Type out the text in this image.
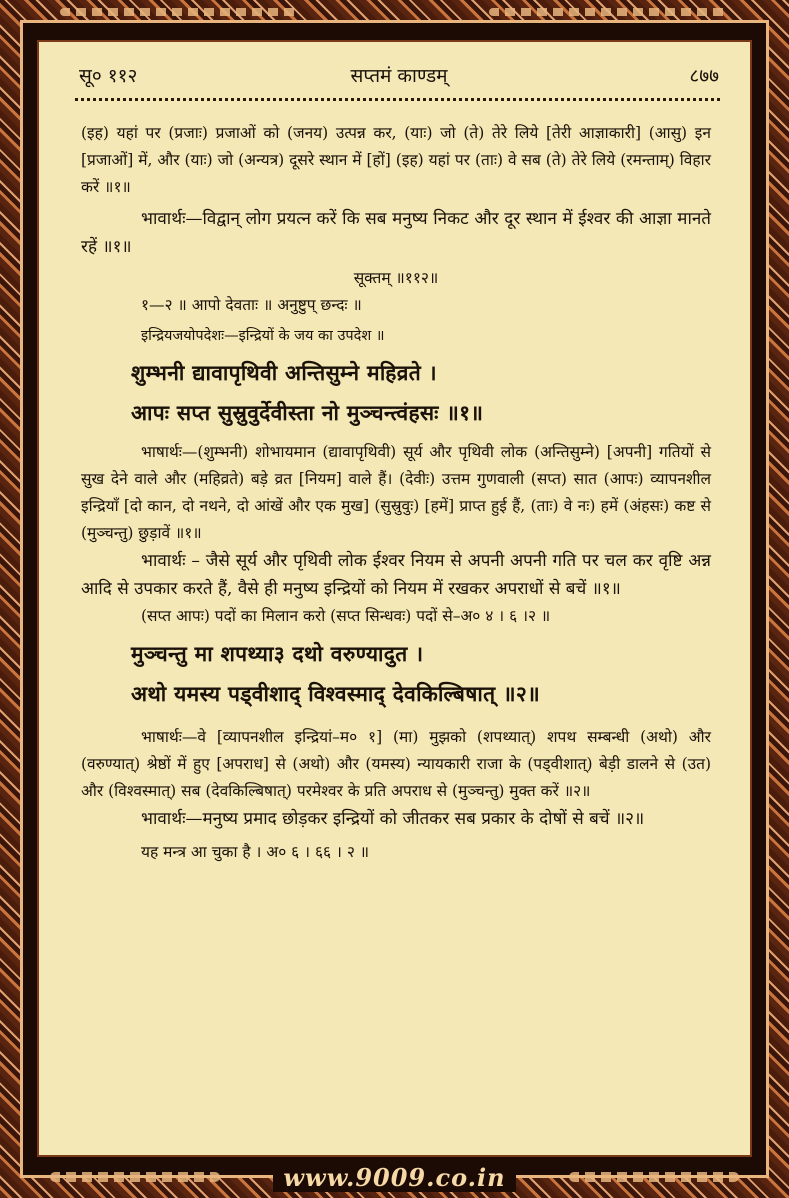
सू० ११२	सप्तमं काण्डम्	८७७

(इह) यहां पर (प्रजाः) प्रजाओं को (जनय) उत्पन्न कर, (याः) जो (ते) तेरे लिये [तेरी आज्ञाकारी] (आसु) इन [प्रजाओं] में, और (याः) जो (अन्यत्र) दूसरे स्थान में [हों] (इह) यहां पर (ताः) वे सब (ते) तेरे लिये (रमन्ताम्) विहार करें ॥१॥

भावार्थः—विद्वान् लोग प्रयत्न करें कि सब मनुष्य निकट और दूर स्थान में ईश्वर की आज्ञा मानते रहें ॥१॥

सूक्तम् ॥११२॥

१—२ ॥ आपो देवताः ॥ अनुष्टुप् छन्दः ॥

इन्द्रियजयोपदेशः—इन्द्रियों के जय का उपदेश ॥

शुम्भनी द्यावापृथिवी अन्तिसुम्ने महिव्रते ।

आपः सप्त सुस्रुवुर्देवीस्ता नो मुञ्चन्त्वंहसः ॥१॥

भाषार्थः—(शुम्भनी) शोभायमान (द्यावापृथिवी) सूर्य और पृथिवी लोक (अन्तिसुम्ने) [अपनी] गतियों से सुख देने वाले और (महिव्रते) बड़े व्रत [नियम] वाले हैं। (देवीः) उत्तम गुणवाली (सप्त) सात (आपः) व्यापनशील इन्द्रियाँ [दो कान, दो नथने, दो आंखें और एक मुख] (सुस्रुवुः) [हमें] प्राप्त हुई हैं, (ताः) वे नः) हमें (अंहसः) कष्ट से (मुञ्चन्तु) छुड़ावें ॥१॥

भावार्थः – जैसे सूर्य और पृथिवी लोक ईश्वर नियम से अपनी अपनी गति पर चल कर वृष्टि अन्न आदि से उपकार करते हैं, वैसे ही मनुष्य इन्द्रियों को नियम में रखकर अपराधों से बचें ॥१॥

(सप्त आपः) पदों का मिलान करो (सप्त सिन्धवः) पदों से–अ० ४ । ६ ।२ ॥

मुञ्चन्तु मा शपथ्या३ दथो वरुण्यादुत ।

अथो यमस्य पड्वीशाद् विश्वस्माद् देवकिल्बिषात् ॥२॥

भाषार्थः—वे [व्यापनशील इन्द्रियां–म० १] (मा) मुझको (शपथ्यात्) शपथ सम्बन्धी (अथो) और (वरुण्यात्) श्रेष्ठों में हुए [अपराध] से (अथो) और (यमस्य) न्यायकारी राजा के (पड्वीशात्) बेड़ी डालने से (उत) और (विश्वस्मात्) सब (देवकिल्बिषात्) परमेश्वर के प्रति अपराध से (मुञ्चन्तु) मुक्त करें ॥२॥

भावार्थः—मनुष्य प्रमाद छोड़कर इन्द्रियों को जीतकर सब प्रकार के दोषों से बचें ॥२॥

यह मन्त्र आ चुका है । अ० ६ । ६६ । २ ॥

www.9009.co.in
